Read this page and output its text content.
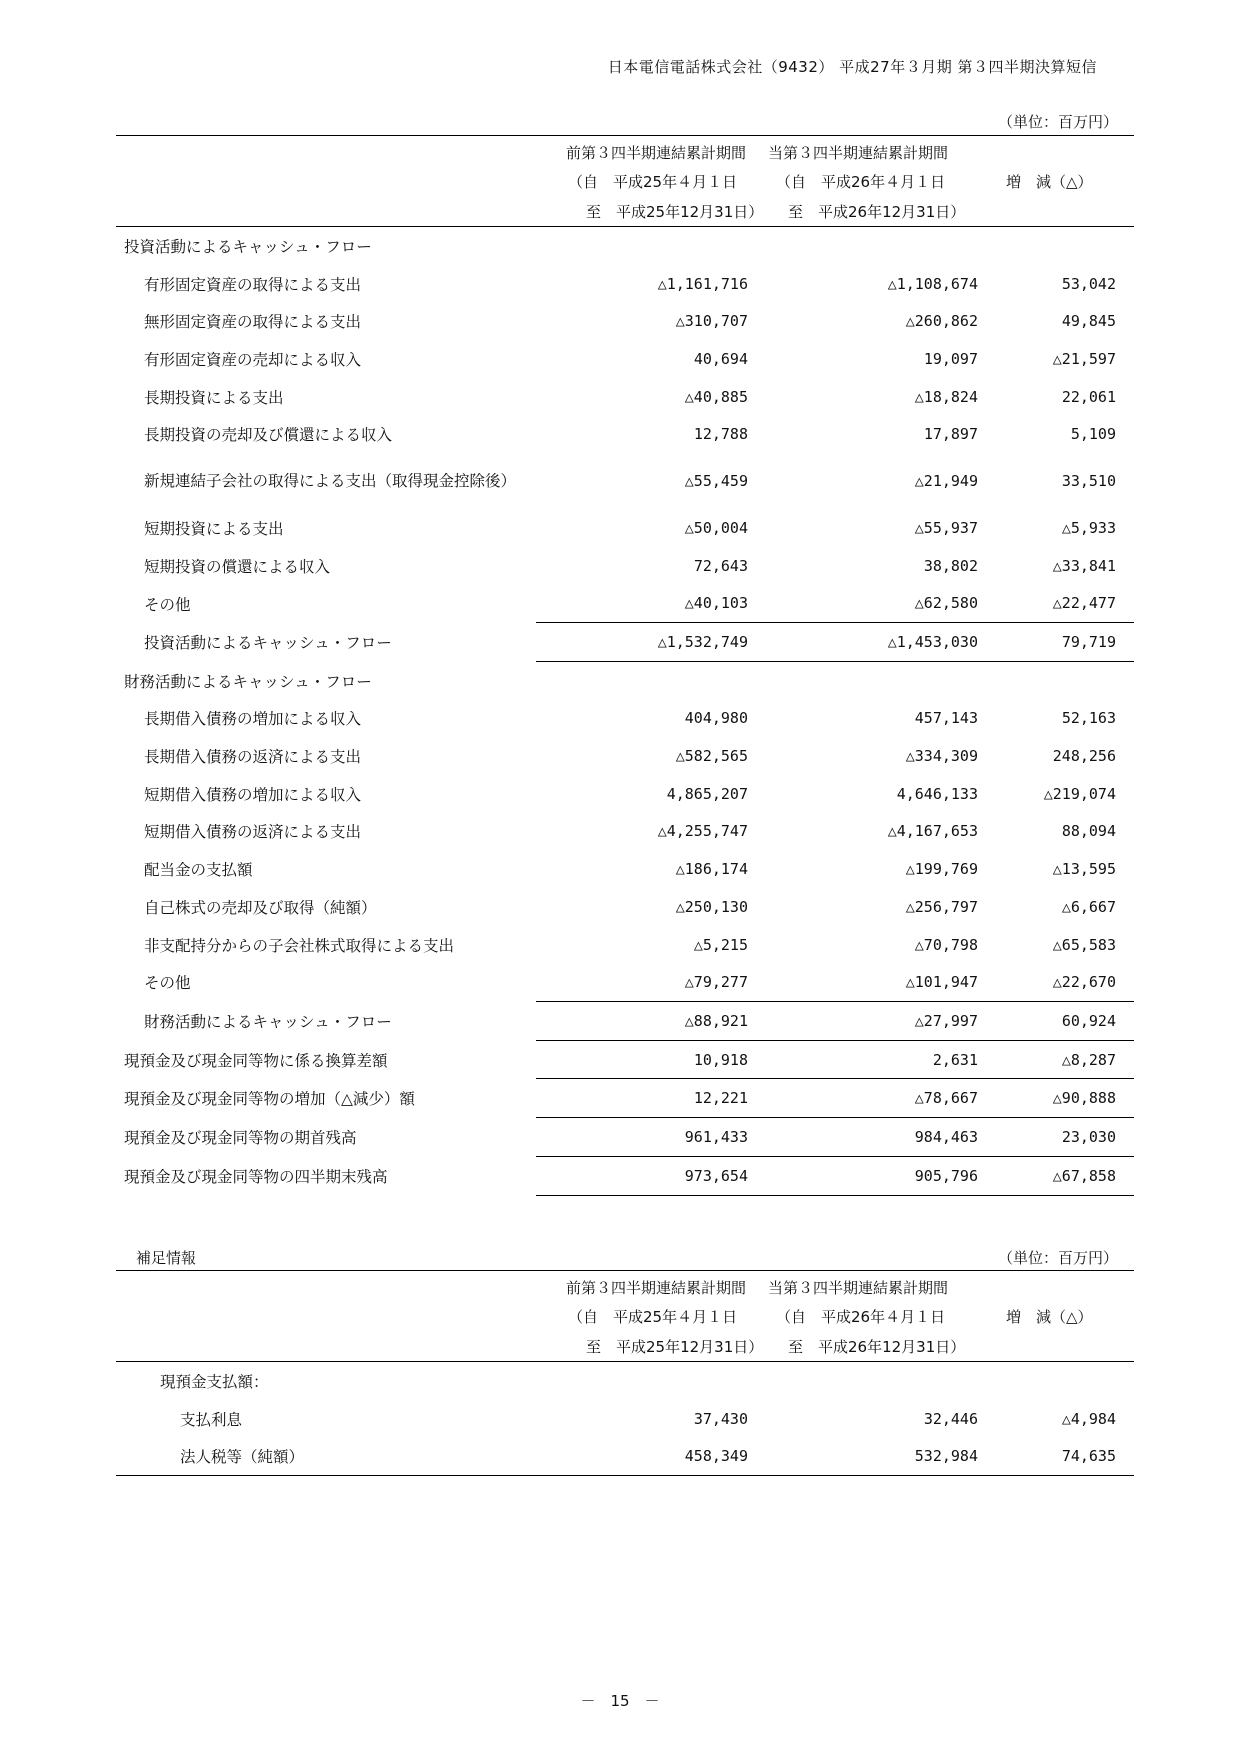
日本電信電話株式会社（9432） 平成27年３月期 第３四半期決算短信
（単位：百万円）
	前第３四半期連結累計期間	当第３四半期連結累計期間	
	（自　平成25年４月１日	（自　平成26年４月１日	増　減（△）
	至　平成25年12月31日）	至　平成26年12月31日）	
投資活動によるキャッシュ・フロー			
有形固定資産の取得による支出	△1,161,716	△1,108,674	53,042
無形固定資産の取得による支出	△310,707	△260,862	49,845
有形固定資産の売却による収入	40,694	19,097	△21,597
長期投資による支出	△40,885	△18,824	22,061
長期投資の売却及び償還による収入	12,788	17,897	5,109
新規連結子会社の取得による支出（取得現金控除後）	△55,459	△21,949	33,510
短期投資による支出	△50,004	△55,937	△5,933
短期投資の償還による収入	72,643	38,802	△33,841
その他	△40,103	△62,580	△22,477
投資活動によるキャッシュ・フロー	△1,532,749	△1,453,030	79,719
財務活動によるキャッシュ・フロー			
長期借入債務の増加による収入	404,980	457,143	52,163
長期借入債務の返済による支出	△582,565	△334,309	248,256
短期借入債務の増加による収入	4,865,207	4,646,133	△219,074
短期借入債務の返済による支出	△4,255,747	△4,167,653	88,094
配当金の支払額	△186,174	△199,769	△13,595
自己株式の売却及び取得（純額）	△250,130	△256,797	△6,667
非支配持分からの子会社株式取得による支出	△5,215	△70,798	△65,583
その他	△79,277	△101,947	△22,670
財務活動によるキャッシュ・フロー	△88,921	△27,997	60,924
現預金及び現金同等物に係る換算差額	10,918	2,631	△8,287
現預金及び現金同等物の増加（△減少）額	12,221	△78,667	△90,888
現預金及び現金同等物の期首残高	961,433	984,463	23,030
現預金及び現金同等物の四半期末残高	973,654	905,796	△67,858
補足情報	（単位：百万円）
	前第３四半期連結累計期間	当第３四半期連結累計期間	
	（自　平成25年４月１日	（自　平成26年４月１日	増　減（△）
	至　平成25年12月31日）	至　平成26年12月31日）	
現預金支払額：			
支払利息	37,430	32,446	△4,984
法人税等（純額）	458,349	532,984	74,635
－　15　－
